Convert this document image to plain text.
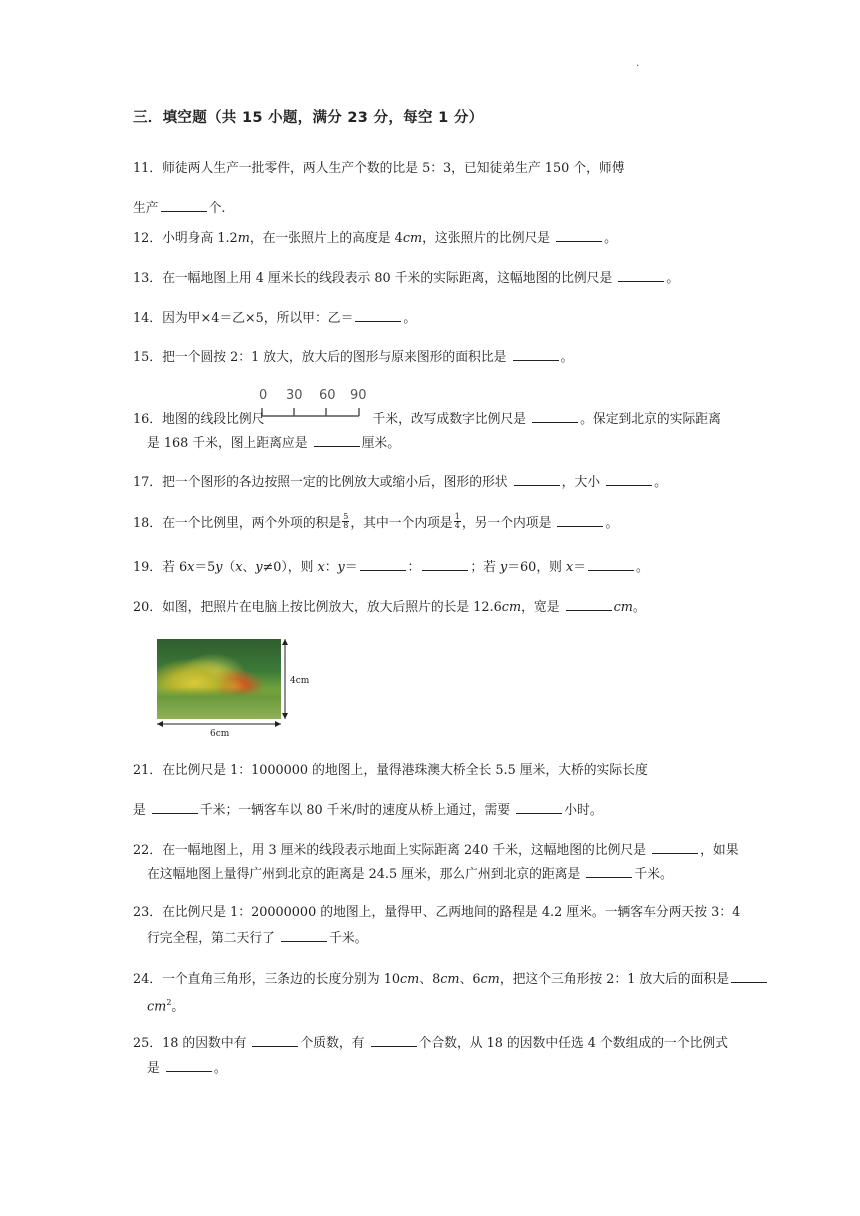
.
三．填空题（共 15 小题，满分 23 分，每空 1 分）
11．师徒两人生产一批零件，两人生产个数的比是 5：3，已知徒弟生产 150 个，师傅
生产	个.
12．小明身高 1.2m，在一张照片上的高度是 4cm，这张照片的比例尺是	。
13．在一幅地图上用 4 厘米长的线段表示 80 千米的实际距离，这幅地图的比例尺是	。
14．因为甲×4＝乙×5，所以甲：乙＝	。
15．把一个圆按 2：1 放大，放大后的图形与原来图形的面积比是	。
0 30 60 90
16．地图的线段比例尺	千米，改写成数字比例尺是	。保定到北京的实际距离
是 168 千米，图上距离应是	厘米。
17．把一个图形的各边按照一定的比例放大或缩小后，图形的形状	，大小	。
18．在一个比例里，两个外项的积是 $\frac{5}{8}$ ，其中一个内项是 $\frac{1}{4}$ ，另一个内项是	。
19．若 6x＝5y（x、y≠0），则 x：y＝	：	；若 y＝60，则 x＝	。
20．如图，把照片在电脑上按比例放大，放大后照片的长是 12.6cm，宽是	cm。
4cm
6cm
21．在比例尺是 1：1000000 的地图上，量得港珠澳大桥全长 5.5 厘米，大桥的实际长度
是	千米；一辆客车以 80 千米/时的速度从桥上通过，需要	小时。
22．在一幅地图上，用 3 厘米的线段表示地面上实际距离 240 千米，这幅地图的比例尺是	，如果
在这幅地图上量得广州到北京的距离是 24.5 厘米，那么广州到北京的距离是	千米。
23．在比例尺是 1：20000000 的地图上，量得甲、乙两地间的路程是 4.2 厘米。一辆客车分两天按 3：4
行完全程，第二天行了	千米。
24．一个直角三角形，三条边的长度分别为 10cm、8cm、6cm，把这个三角形按 2：1 放大后的面积是
$cm^2$。
25．18 的因数中有	个质数，有	个合数，从 18 的因数中任选 4 个数组成的一个比例式
是	。
